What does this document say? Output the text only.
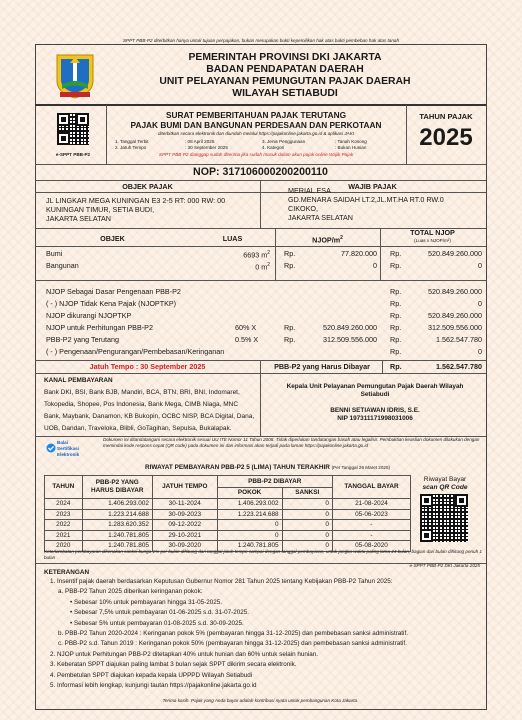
SPPT PBB-P2 diterbitkan hanya untuk tujuan perpajakan, bukan merupakan bukti kepemilikan hak atas bukti pembeban hak atas tanah
PEMERINTAH PROVINSI DKI JAKARTA
BADAN PENDAPATAN DAERAH
UNIT PELAYANAN PEMUNGUTAN PAJAK DAERAH
WILAYAH SETIABUDI
e-SPPT PBB-P2
SURAT PEMBERITAHUAN PAJAK TERUTANG
PAJAK BUMI DAN BANGUNAN PERDESAAN DAN PERKOTAAN
diterbitkan secara elektronik dan diunduh melalui https://pajakonline.jakarta.go.id & aplikasi JAKI
1. Tanggal Terbit	: 08 April 2025
2. Jatuh Tempo	: 30 September 2025
3. Jenis Penggunaan	: Tanah Kosong
4. Kategori	: Bukan Hunian
SPPT PBB-P2 dianggap sudah diterima jika sudah masuk dalam akun pajak online Wajib Pajak
TAHUN PAJAK
2025
NOP: 317106000200200110
OBJEK PAJAK	WAJIB PAJAK
JL LINGKAR MEGA KUNINGAN E3 2-5 RT: 000 RW: 00
KUNINGAN TIMUR, SETIA BUDI,
JAKARTA SELATAN
MERIAL ESA
GD.MENARA SAIDAH LT.2,JL.MT.HA RT.0 RW.0
CIKOKO,
JAKARTA SELATAN
OBJEK	LUAS	NJOP/$m^2$
TOTAL NJOP
(Luas x NJOP/m²)
Bumi	6693 $m^2$ Rp.	77.820.000 Rp.	520.849.260.000
Bangunan	0 $m^2$ Rp.	0 Rp.	0
Jatuh Tempo : 30 September 2025	PBB-P2 yang Harus Dibayar	Rp.	1.562.547.780
KANAL PEMBAYARAN
Bank DKI, BSI, Bank BJB, Mandiri, BCA, BTN, BRI, BNI, Indomaret, Tokopedia, Shopee, Pos Indonesia, Bank Mega, CIMB Niaga, MNC Bank, Maybank, Danamon, KB Bukopin, OCBC NISP, BCA Digital, Dana, UOB, Dandan, Traveloka, Blibli, GoTagihan, Sepulsa, Bukalapak.
Kepala Unit Pelayanan Pemungutan Pajak Daerah Wilayah Setiabudi
BENNI SETIAWAN IDRIS, S.E.
NIP 197311171998031006
Balai Sertifikasi Elektronik
Dokumen ini ditandatangani secara elektronik sesuai UU ITE Nomor 11 Tahun 2008. Tidak diperlukan tandatangan basah atau legalisir. Pembuktian keaslian dokumen dilakukan dengan memindai kode respons cepat (QR code) pada dokumen ini dan informasi akan terjadi pada laman https://pajakonline.jakarta.go.id
RIWAYAT PEMBAYARAN PBB-P2 5 (LIMA) TAHUN TERAKHIR (Per Tanggal 26 Maret 2025)
TAHUN	PBB-P2 YANG HARUS DIBAYAR	JATUH TEMPO	PBB-P2 DIBAYAR		TANGGAL BAYAR
			POKOK	SANKSI	
2024	1.406.293.002	30-11-2024	1.406.293.002	0	21-08-2024
2023	1.223.214.688	30-09-2023	1.223.214.688	0	05-06-2023
2022	1.283.620.352	09-12-2022	0	0	-
2021	1.240.781.805	29-10-2021	0	0	-
2020	1.240.781.805	30-09-2020	1.240.781.805	0	05-08-2020
Riwayat Bayar
scan QR Code
Keterlambatan pembayaran dikenakan sanksi bunga 1% per bulan dihitung dari tanggal jatuh tempo sampai dengan tanggal pembayaran, untuk jangka waktu paling lama 24 bulan, bagian dari bulan dihitung penuh 1 bulan
e-SPPT PBB-P2 DKI Jakarta 2025
KETERANGAN
Terima kasih. Pajak yang Anda bayar adalah kontribusi nyata untuk pembangunan Kota Jakarta.
NJOP Sebagai Dasar Pengenaan PBB-P2	Rp.	520.849.260.000
( - ) NJOP Tidak Kena Pajak (NJOPTKP)	Rp.	0
NJOP dikurangi NJOPTKP	Rp.	520.849.260.000
NJOP untuk Perhitungan PBB-P2	60% X	Rp.	520.849.260.000 Rp.	312.509.556.000
PBB-P2 yang Terutang	0.5% X	Rp.	312.509.556.000 Rp.	1.562.547.780
( - ) Pengenaan/Pengurangan/Pembebasan/Keringanan	Rp.	0
1. Insentif pajak daerah berdasarkan Keputusan Gubernur Nomor 281 Tahun 2025 tentang Kebijakan PBB-P2 Tahun 2025:
a. PBB-P2 Tahun 2025 diberikan keringanan pokok:
• Sebesar 10% untuk pembayaran hingga 31-05-2025.
• Sebesar 7,5% untuk pembayaran 01-06-2025 s.d. 31-07-2025.
• Sebesar 5% untuk pembayaran 01-08-2025 s.d. 30-09-2025.
b. PBB-P2 Tahun 2020-2024 : Keringanan pokok 5% (pembayaran hingga 31-12-2025) dan pembebasan sanksi administratif.
c. PBB-P2 s.d. Tahun 2019 : Keringanan pokok 50% (pembayaran hingga 31-12-2025) dan pembebasan sanksi administratif.
2. NJOP untuk Perhitungan PBB-P2 ditetapkan 40% untuk hunian dan 60% untuk selain hunian.
3. Keberatan SPPT diajukan paling lambat 3 bulan sejak SPPT dikirim secara elektronik.
4. Pembetulan SPPT diajukan kepada kepala UPPPD Wilayah Setiabudi
5. Informasi lebih lengkap, kunjungi tautan https://pajakonline.jakarta.go.id
